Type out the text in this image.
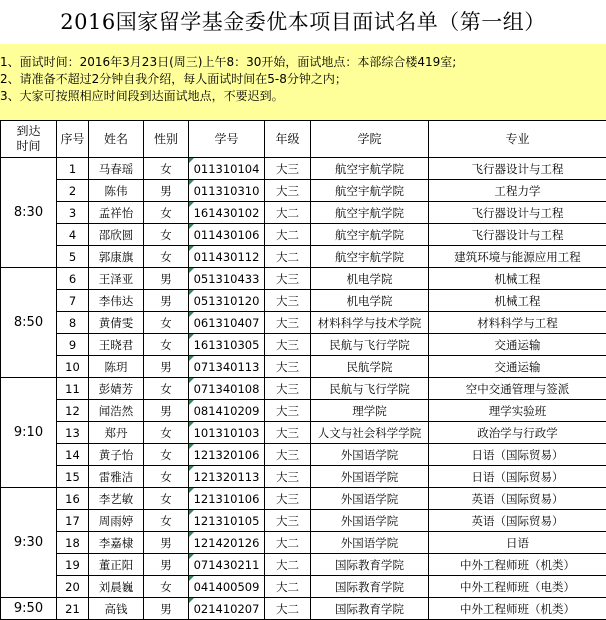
2016国家留学基金委优本项目面试名单（第一组）
1、面试时间：2016年3月23日(周三)上午8：30开始，面试地点：本部综合楼419室;
2、请准备不超过2分钟自我介绍，每人面试时间在5-8分钟之内；
3、大家可按照相应时间段到达面试地点，不要迟到。
到达
时间	序号	姓名	性别	学号	年级	学院	专业
8:30	1	马春瑶	女	011310104	大三	航空宇航学院	飞行器设计与工程
	2	陈伟	男	011310310	大三	航空宇航学院	工程力学
	3	孟祥怡	女	161430102	大二	航空宇航学院	飞行器设计与工程
	4	邵欣圆	女	011430106	大二	航空宇航学院	飞行器设计与工程
	5	郭康旗	女	011430112	大二	航空宇航学院	建筑环境与能源应用工程
8:50	6	王泽亚	男	051310433	大三	机电学院	机械工程
	7	李伟达	男	051310120	大三	机电学院	机械工程
	8	黄倩雯	女	061310407	大三	材料科学与技术学院	材料科学与工程
	9	王晓君	女	161310305	大三	民航与飞行学院	交通运输
	10	陈玥	男	071340113	大三	民航学院	交通运输
9:10	11	彭婧芳	女	071340108	大三	民航与飞行学院	空中交通管理与签派
	12	闻浩然	男	081410209	大三	理学院	理学实验班
	13	郑丹	女	101310103	大三	人文与社会科学学院	政治学与行政学
	14	黄子怡	女	121320106	大三	外国语学院	日语（国际贸易）
	15	雷雅洁	女	121320113	大三	外国语学院	日语（国际贸易）
9:30	16	李艺敏	女	121310106	大三	外国语学院	英语（国际贸易）
	17	周雨婷	女	121310105	大三	外国语学院	英语（国际贸易）
	18	李嘉棣	男	121420126	大二	外国语学院	日语
	19	董正阳	男	071430211	大二	国际教育学院	中外工程师班（机类）
	20	刘晨巍	女	041400509	大二	国际教育学院	中外工程师班（电类）
9:50	21	高钱	男	021410207	大二	国际教育学院	中外工程师班（机类）
